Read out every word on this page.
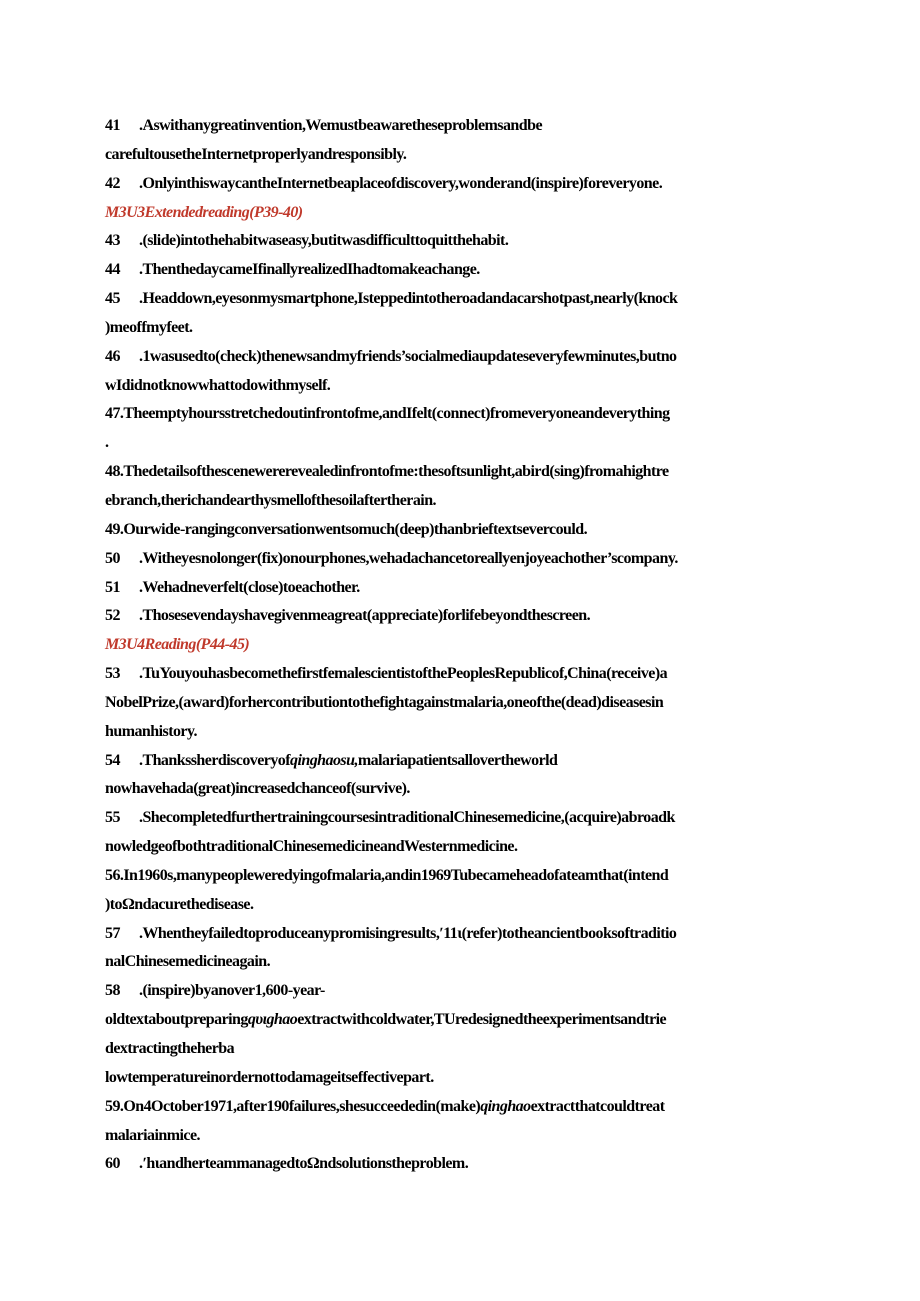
41 .Aswithanygreatinvention,Wemustbeawaretheseproblemsandbe
carefultousetheInternetproperlyandresponsibly.
42 .OnlyinthiswaycantheInternetbeaplaceofdiscovery,wonderand(inspire)foreveryone.
M3U3Extendedreading(P39-40)
43 .(slide)intothehabitwaseasy,butitwasdifficulttoquitthehabit.
44 .ThenthedaycameIfinallyrealizedIhadtomakeachange.
45 .Headdown,eyesonmysmartphone,Isteppedintotheroadandacarshotpast,nearly(knock
)meoffmyfeet.
46 .1wasusedto(check)thenewsandmyfriends’socialmediaupdateseveryfewminutes,butno
wIdidnotknowwhattodowithmyself.
47.Theemptyhoursstretchedoutinfrontofme,andIfelt(connect)fromeveryoneandeverything
.
48.Thedetailsofthescenewererevealedinfrontofme:thesoftsunlight,abird(sing)fromahightre
ebranch,therichandearthysmellofthesoilaftertherain.
49.Ourwide-rangingconversationwentsomuch(deep)thanbrieftextsevercould.
50 .Witheyesnolonger(fix)onourphones,wehadachancetoreallyenjoyeachother’scompany.
51 .Wehadneverfelt(close)toeachother.
52 .Thosesevendayshavegivenmeagreat(appreciate)forlifebeyondthescreen.
M3U4Reading(P44-45)
53 .TuYouyouhasbecomethefirstfemalescientistofthePeoplesRepublicof,China(receive)a
NobelPrize,(award)forhercontributiontothefightagainstmalaria,oneofthe(dead)diseasesin
humanhistory.
54 .Thankssherdiscoveryofqinghaosu,malariapatientsallovertheworld
nowhavehada(great)increasedchanceof(survive).
55 .ShecompletedfurthertrainingcoursesintraditionalChinesemedicine,(acquire)abroadk
nowledgeofbothtraditionalChinesemedicineandWesternmedicine.
56.In1960s,manypeopleweredyingofmalaria,andin1969Tubecameheadofateamthat(intend
)toΩndacurethedisease.
57 .Whentheyfailedtoproduceanypromisingresults,ʹ11ι(refer)totheancientbooksoftraditio
nalChinesemedicineagain.
58 .(inspire)byanover1,600-year-
oldtextaboutpreparingqυιghaoextractwithcoldwater,TUredesignedtheexperimentsandtrie
dextractingtheherba
lowtemperatureinordernottodamageitseffectivepart.
59.On4October1971,after190failures,shesucceededin(make)qinghaoextractthatcouldtreat
malariainmice.
60 .ʹhιandherteammanagedtoΩndsolutionstheproblem.
